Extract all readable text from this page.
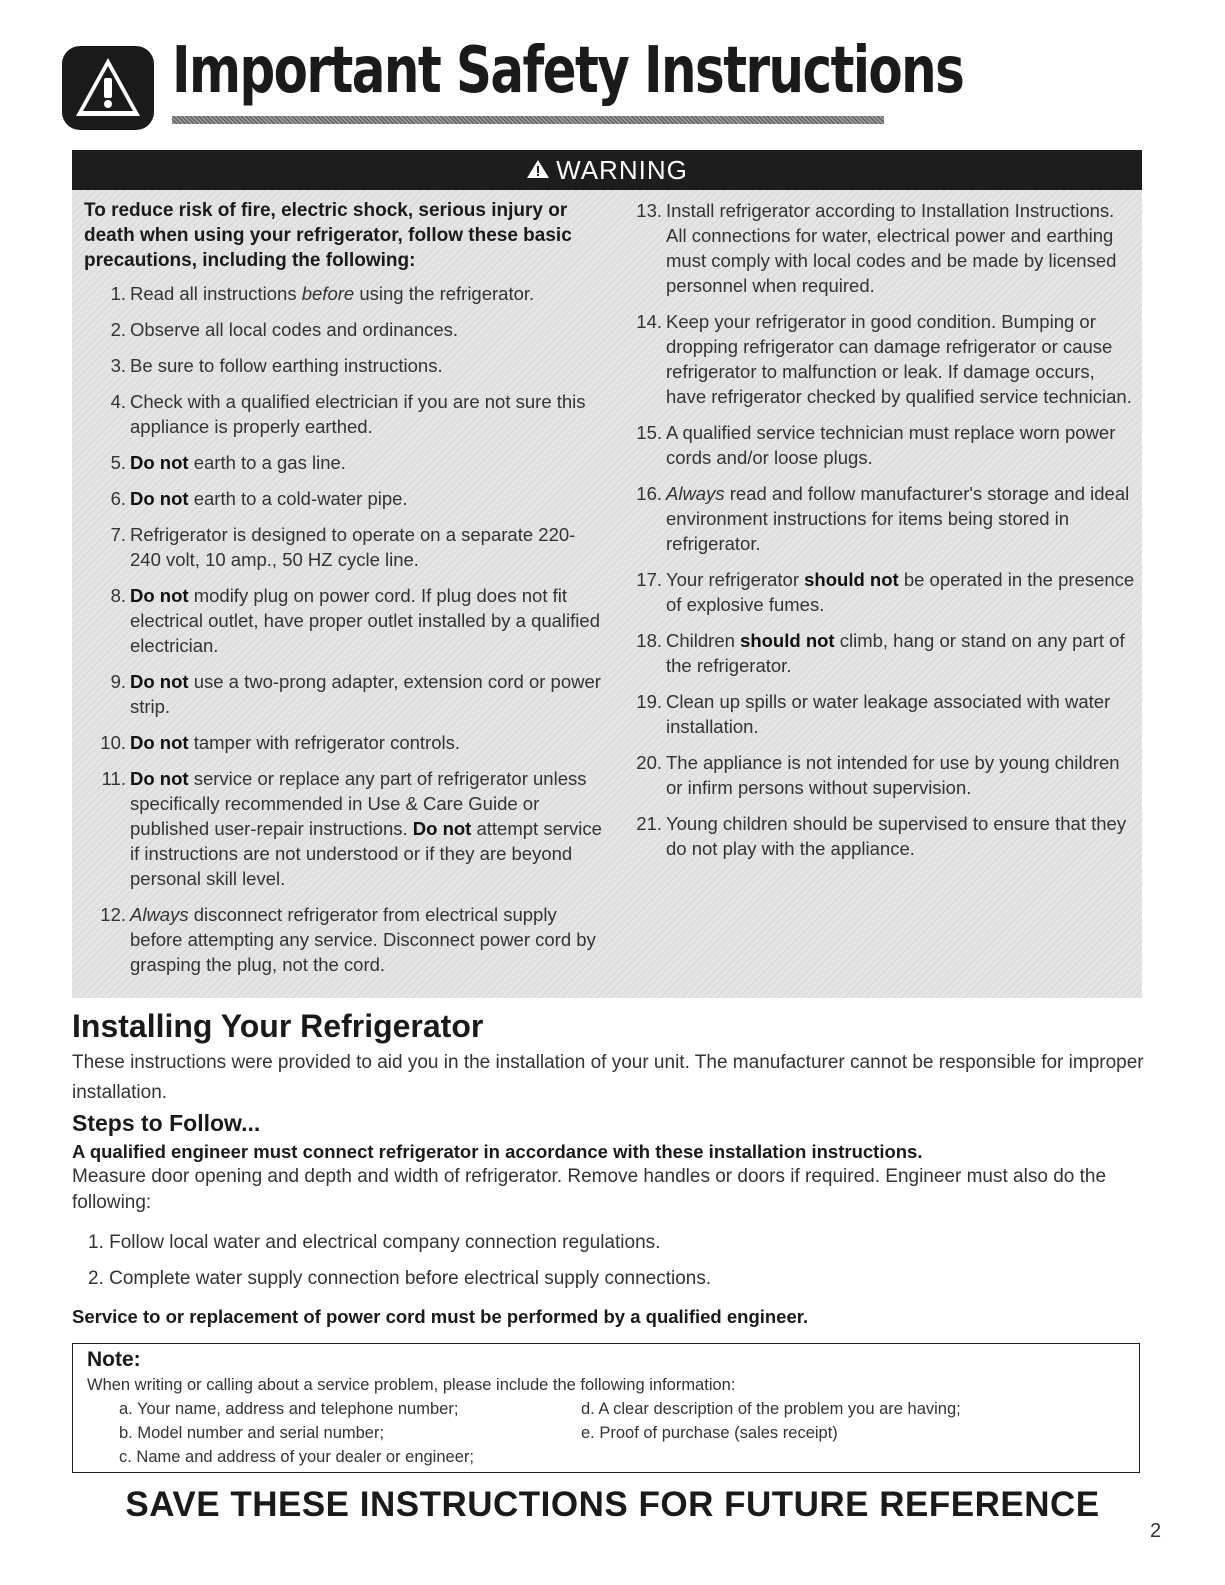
Important Safety Instructions
WARNING

To reduce risk of fire, electric shock, serious injury or death when using your refrigerator, follow these basic precautions, including the following:

1. Read all instructions before using the refrigerator.
2. Observe all local codes and ordinances.
3. Be sure to follow earthing instructions.
4. Check with a qualified electrician if you are not sure this appliance is properly earthed.
5. Do not earth to a gas line.
6. Do not earth to a cold-water pipe.
7. Refrigerator is designed to operate on a separate 220-240 volt, 10 amp., 50 HZ cycle line.
8. Do not modify plug on power cord. If plug does not fit electrical outlet, have proper outlet installed by a qualified electrician.
9. Do not use a two-prong adapter, extension cord or power strip.
10. Do not tamper with refrigerator controls.
11. Do not service or replace any part of refrigerator unless specifically recommended in Use & Care Guide or published user-repair instructions. Do not attempt service if instructions are not understood or if they are beyond personal skill level.
12. Always disconnect refrigerator from electrical supply before attempting any service. Disconnect power cord by grasping the plug, not the cord.
13. Install refrigerator according to Installation Instructions. All connections for water, electrical power and earthing must comply with local codes and be made by licensed personnel when required.
14. Keep your refrigerator in good condition. Bumping or dropping refrigerator can damage refrigerator or cause refrigerator to malfunction or leak. If damage occurs, have refrigerator checked by qualified service technician.
15. A qualified service technician must replace worn power cords and/or loose plugs.
16. Always read and follow manufacturer's storage and ideal environment instructions for items being stored in refrigerator.
17. Your refrigerator should not be operated in the presence of explosive fumes.
18. Children should not climb, hang or stand on any part of the refrigerator.
19. Clean up spills or water leakage associated with water installation.
20. The appliance is not intended for use by young children or infirm persons without supervision.
21. Young children should be supervised to ensure that they do not play with the appliance.
Installing Your Refrigerator

These instructions were provided to aid you in the installation of your unit. The manufacturer cannot be responsible for improper installation.

Steps to Follow...

A qualified engineer must connect refrigerator in accordance with these installation instructions.

Measure door opening and depth and width of refrigerator. Remove handles or doors if required. Engineer must also do the following:

1. Follow local water and electrical company connection regulations.
2. Complete water supply connection before electrical supply connections.

Service to or replacement of power cord must be performed by a qualified engineer.

Note:
When writing or calling about a service problem, please include the following information:
a. Your name, address and telephone number;
b. Model number and serial number;
c. Name and address of your dealer or engineer;
d. A clear description of the problem you are having;
e. Proof of purchase (sales receipt)
SAVE THESE INSTRUCTIONS FOR FUTURE REFERENCE
2
